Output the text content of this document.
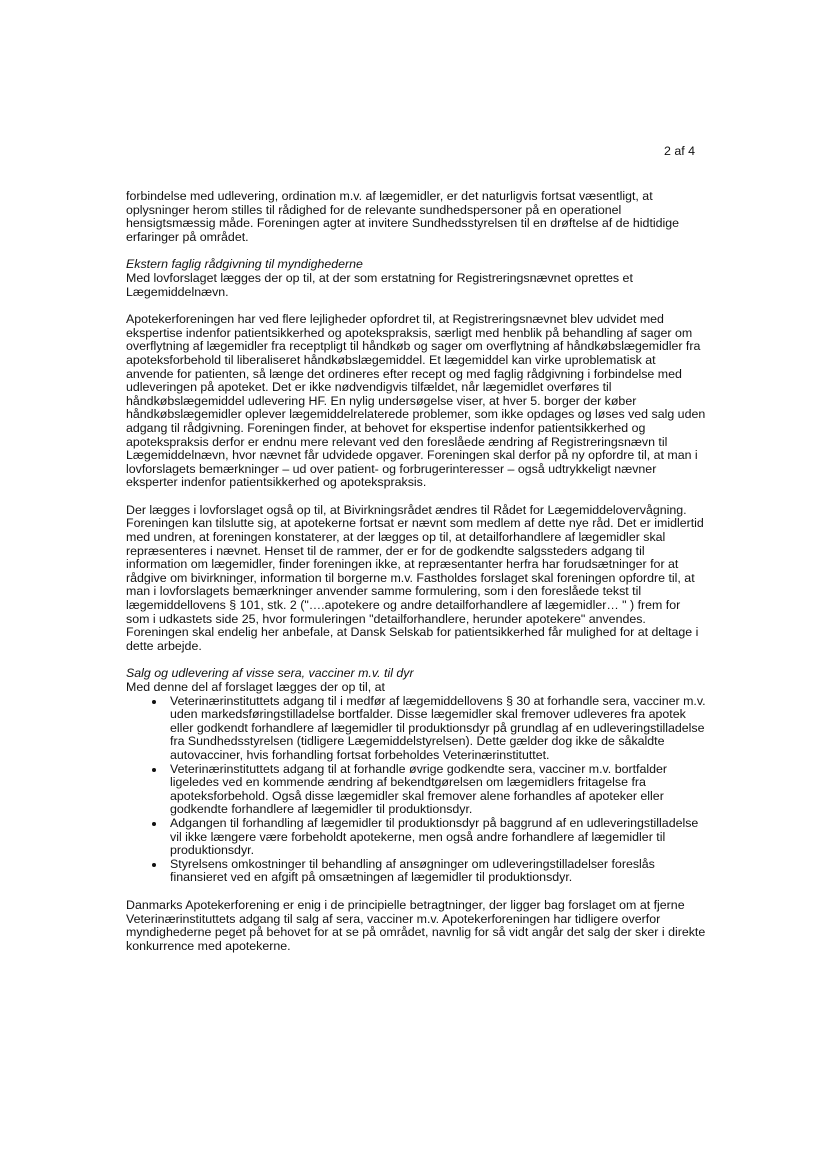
2 af 4

forbindelse med udlevering, ordination m.v. af lægemidler, er det naturligvis fortsat væsentligt, at oplysninger herom stilles til rådighed for de relevante sundhedspersoner på en operationel hensigtsmæssig måde. Foreningen agter at invitere Sundhedsstyrelsen til en drøftelse af de hidtidige erfaringer på området.

Ekstern faglig rådgivning til myndighederne

Med lovforslaget lægges der op til, at der som erstatning for Registreringsnævnet oprettes et Lægemiddelnævn.

Apotekerforeningen har ved flere lejligheder opfordret til, at Registreringsnævnet blev udvidet med ekspertise indenfor patientsikkerhed og apotekspraksis, særligt med henblik på behandling af sager om overflytning af lægemidler fra receptpligt til håndkøb og sager om overflytning af håndkøbslægemidler fra apoteksforbehold til liberaliseret håndkøbslægemiddel. Et lægemiddel kan virke uproblematisk at anvende for patienten, så længe det ordineres efter recept og med faglig rådgivning i forbindelse med udleveringen på apoteket. Det er ikke nødvendigvis tilfældet, når lægemidlet overføres til håndkøbslægemiddel udlevering HF. En nylig undersøgelse viser, at hver 5. borger der køber håndkøbslægemidler oplever lægemiddelrelaterede problemer, som ikke opdages og løses ved salg uden adgang til rådgivning. Foreningen finder, at behovet for ekspertise indenfor patientsikkerhed og apotekspraksis derfor er endnu mere relevant ved den foreslåede ændring af Registreringsnævn til Lægemiddelnævn, hvor nævnet får udvidede opgaver. Foreningen skal derfor på ny opfordre til, at man i lovforslagets bemærkninger – ud over patient- og forbrugerinteresser – også udtrykkeligt nævner eksperter indenfor patientsikkerhed og apotekspraksis.

Der lægges i lovforslaget også op til, at Bivirkningsrådet ændres til Rådet for Lægemiddelovervågning. Foreningen kan tilslutte sig, at apotekerne fortsat er nævnt som medlem af dette nye råd. Det er imidlertid med undren, at foreningen konstaterer, at der lægges op til, at detailforhandlere af lægemidler skal repræsenteres i nævnet. Henset til de rammer, der er for de godkendte salgssteders adgang til information om lægemidler, finder foreningen ikke, at repræsentanter herfra har forudsætninger for at rådgive om bivirkninger, information til borgerne m.v. Fastholdes forslaget skal foreningen opfordre til, at man i lovforslagets bemærkninger anvender samme formulering, som i den foreslåede tekst til lægemiddellovens § 101, stk. 2 ("….apotekere og andre detailforhandlere af lægemidler… " ) frem for som i udkastets side 25, hvor formuleringen "detailforhandlere, herunder apotekere" anvendes. Foreningen skal endelig her anbefale, at Dansk Selskab for patientsikkerhed får mulighed for at deltage i dette arbejde.

Salg og udlevering af visse sera, vacciner m.v. til dyr

Med denne del af forslaget lægges der op til, at

• Veterinærinstituttets adgang til i medfør af lægemiddellovens § 30 at forhandle sera, vacciner m.v. uden markedsføringstilladelse bortfalder. Disse lægemidler skal fremover udleveres fra apotek eller godkendt forhandlere af lægemidler til produktionsdyr på grundlag af en udleveringstilladelse fra Sundhedsstyrelsen (tidligere Lægemiddelstyrelsen). Dette gælder dog ikke de såkaldte autovacciner, hvis forhandling fortsat forbeholdes Veterinærinstituttet.
• Veterinærinstituttets adgang til at forhandle øvrige godkendte sera, vacciner m.v. bortfalder ligeledes ved en kommende ændring af bekendtgørelsen om lægemidlers fritagelse fra apoteksforbehold. Også disse lægemidler skal fremover alene forhandles af apoteker eller godkendte forhandlere af lægemidler til produktionsdyr.
• Adgangen til forhandling af lægemidler til produktionsdyr på baggrund af en udleveringstilladelse vil ikke længere være forbeholdt apotekerne, men også andre forhandlere af lægemidler til produktionsdyr.
• Styrelsens omkostninger til behandling af ansøgninger om udleveringstilladelser foreslås finansieret ved en afgift på omsætningen af lægemidler til produktionsdyr.

Danmarks Apotekerforening er enig i de principielle betragtninger, der ligger bag forslaget om at fjerne Veterinærinstituttets adgang til salg af sera, vacciner m.v. Apotekerforeningen har tidligere overfor myndighederne peget på behovet for at se på området, navnlig for så vidt angår det salg der sker i direkte konkurrence med apotekerne.
